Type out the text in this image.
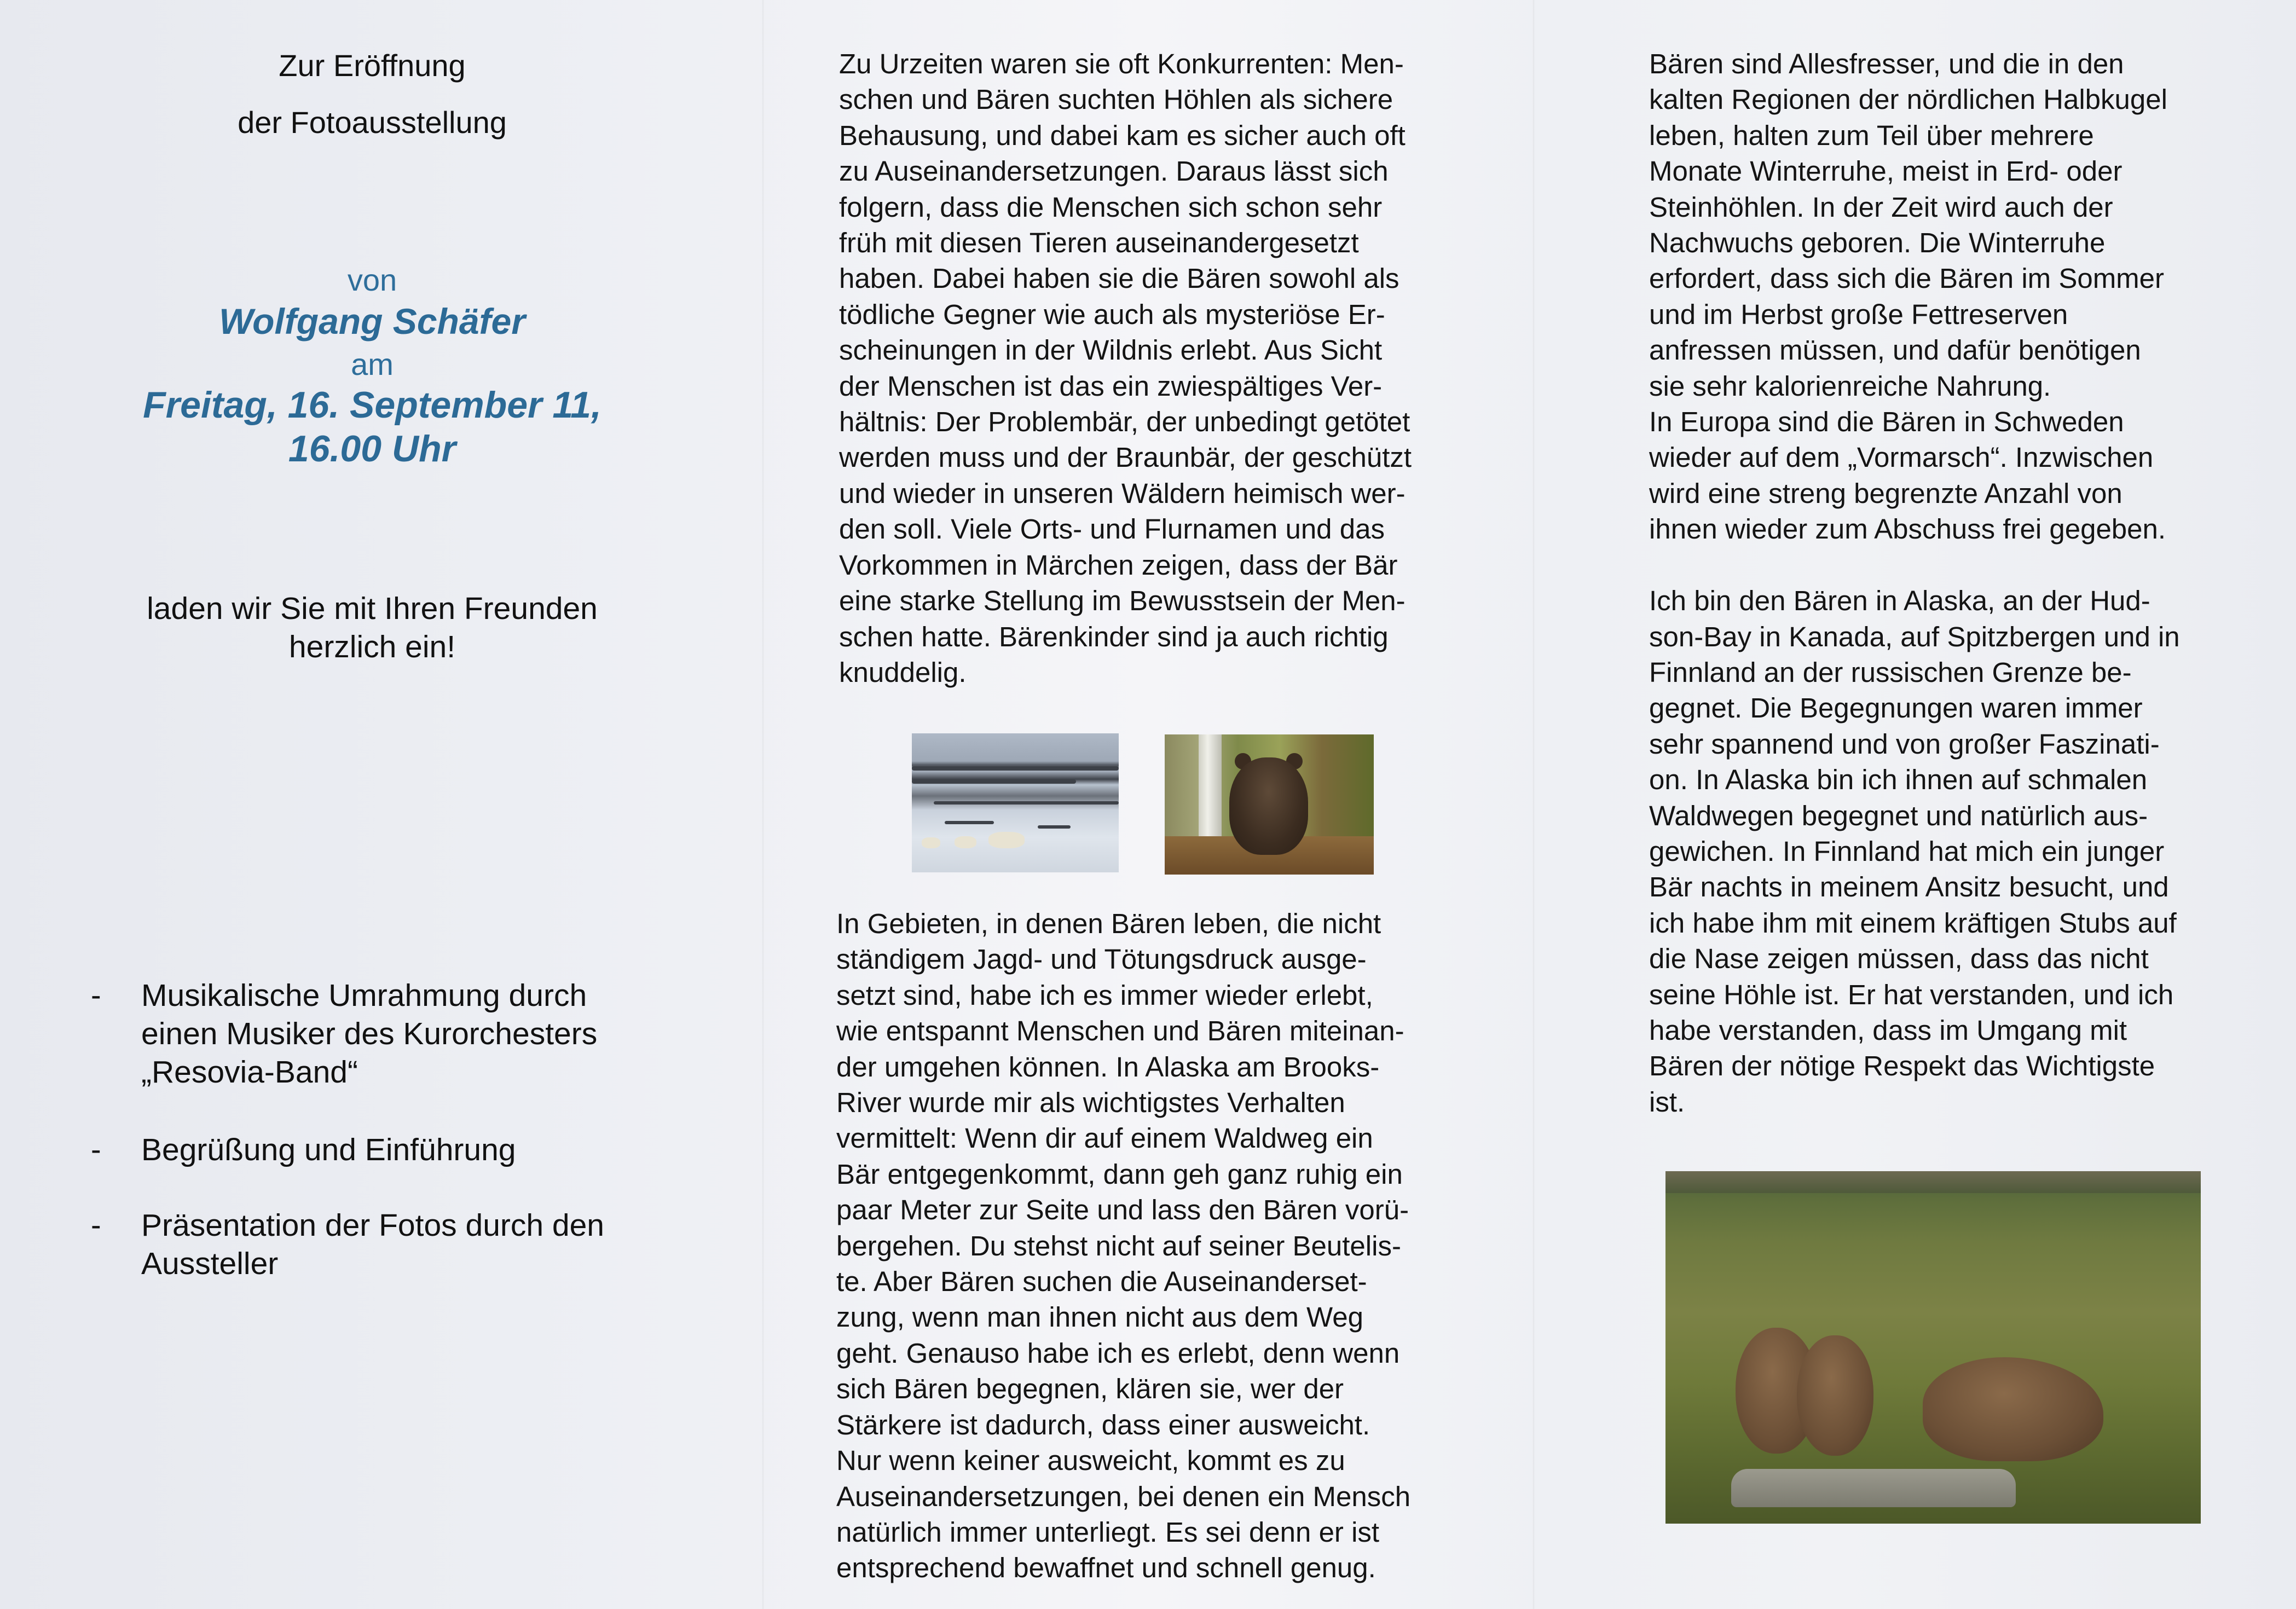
Zur Eröffnung
der Fotoausstellung
von
Wolfgang Schäfer
am
Freitag, 16. September 11,
16.00 Uhr
laden wir Sie mit Ihren Freunden
herzlich ein!
- Musikalische Umrahmung durch
einen Musiker des Kurorchesters
„Resovia-Band“
- Begrüßung und Einführung
- Präsentation der Fotos durch den
Aussteller
Zu Urzeiten waren sie oft Konkurrenten: Men-
schen und Bären suchten Höhlen als sichere
Behausung, und dabei kam es sicher auch oft
zu Auseinandersetzungen. Daraus lässt sich
folgern, dass die Menschen sich schon sehr
früh mit diesen Tieren auseinandergesetzt
haben. Dabei haben sie die Bären sowohl als
tödliche Gegner wie auch als mysteriöse Er-
scheinungen in der Wildnis erlebt. Aus Sicht
der Menschen ist das ein zwiespältiges Ver-
hältnis: Der Problembär, der unbedingt getötet
werden muss und der Braunbär, der geschützt
und wieder in unseren Wäldern heimisch wer-
den soll. Viele Orts- und Flurnamen und das
Vorkommen in Märchen zeigen, dass der Bär
eine starke Stellung im Bewusstsein der Men-
schen hatte. Bärenkinder sind ja auch richtig
knuddelig.
In Gebieten, in denen Bären leben, die nicht
ständigem Jagd- und Tötungsdruck ausge-
setzt sind, habe ich es immer wieder erlebt,
wie entspannt Menschen und Bären miteinan-
der umgehen können. In Alaska am Brooks-
River wurde mir als wichtigstes Verhalten
vermittelt: Wenn dir auf einem Waldweg ein
Bär entgegenkommt, dann geh ganz ruhig ein
paar Meter zur Seite und lass den Bären vorü-
bergehen. Du stehst nicht auf seiner Beutelis-
te. Aber Bären suchen die Auseinanderset-
zung, wenn man ihnen nicht aus dem Weg
geht. Genauso habe ich es erlebt, denn wenn
sich Bären begegnen, klären sie, wer der
Stärkere ist dadurch, dass einer ausweicht.
Nur wenn keiner ausweicht, kommt es zu
Auseinandersetzungen, bei denen ein Mensch
natürlich immer unterliegt. Es sei denn er ist
entsprechend bewaffnet und schnell genug.
Bären sind Allesfresser, und die in den
kalten Regionen der nördlichen Halbkugel
leben, halten zum Teil über mehrere
Monate Winterruhe, meist in Erd- oder
Steinhöhlen. In der Zeit wird auch der
Nachwuchs geboren. Die Winterruhe
erfordert, dass sich die Bären im Sommer
und im Herbst große Fettreserven
anfressen müssen, und dafür benötigen
sie sehr kalorienreiche Nahrung.
In Europa sind die Bären in Schweden
wieder auf dem „Vormarsch“. Inzwischen
wird eine streng begrenzte Anzahl von
ihnen wieder zum Abschuss frei gegeben.

Ich bin den Bären in Alaska, an der Hud-
son-Bay in Kanada, auf Spitzbergen und in
Finnland an der russischen Grenze be-
gegnet. Die Begegnungen waren immer
sehr spannend und von großer Faszinati-
on. In Alaska bin ich ihnen auf schmalen
Waldwegen begegnet und natürlich aus-
gewichen. In Finnland hat mich ein junger
Bär nachts in meinem Ansitz besucht, und
ich habe ihm mit einem kräftigen Stubs auf
die Nase zeigen müssen, dass das nicht
seine Höhle ist. Er hat verstanden, und ich
habe verstanden, dass im Umgang mit
Bären der nötige Respekt das Wichtigste
ist.
